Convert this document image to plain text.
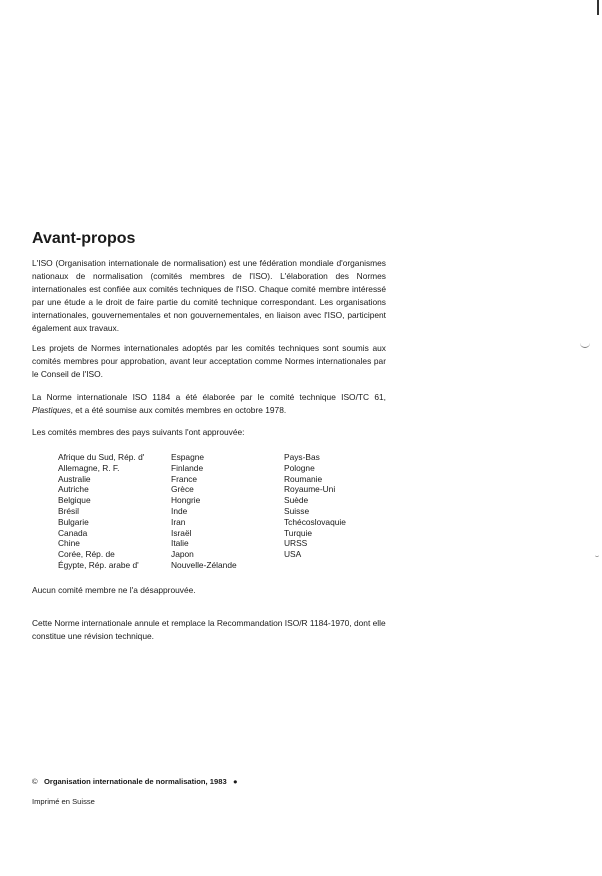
Avant-propos

L'ISO (Organisation internationale de normalisation) est une fédération mondiale d'organismes nationaux de normalisation (comités membres de l'ISO). L'élaboration des Normes internationales est confiée aux comités techniques de l'ISO. Chaque comité membre intéressé par une étude a le droit de faire partie du comité technique correspondant. Les organisations internationales, gouvernementales et non gouvernementales, en liaison avec l'ISO, participent également aux travaux.

Les projets de Normes internationales adoptés par les comités techniques sont soumis aux comités membres pour approbation, avant leur acceptation comme Normes internationales par le Conseil de l'ISO.

La Norme internationale ISO 1184 a été élaborée par le comité technique ISO/TC 61, Plastiques, et a été soumise aux comités membres en octobre 1978.

Les comités membres des pays suivants l'ont approuvée:

Afrique du Sud, Rép. d'
Allemagne, R. F.
Australie
Autriche
Belgique
Brésil
Bulgarie
Canada
Chine
Corée, Rép. de
Égypte, Rép. arabe d'
Espagne
Finlande
France
Grèce
Hongrie
Inde
Iran
Israël
Italie
Japon
Nouvelle-Zélande
Pays-Bas
Pologne
Roumanie
Royaume-Uni
Suède
Suisse
Tchécoslovaquie
Turquie
URSS
USA

Aucun comité membre ne l'a désapprouvée.

Cette Norme internationale annule et remplace la Recommandation ISO/R 1184-1970, dont elle constitue une révision technique.

© Organisation internationale de normalisation, 1983 ●
Imprimé en Suisse
